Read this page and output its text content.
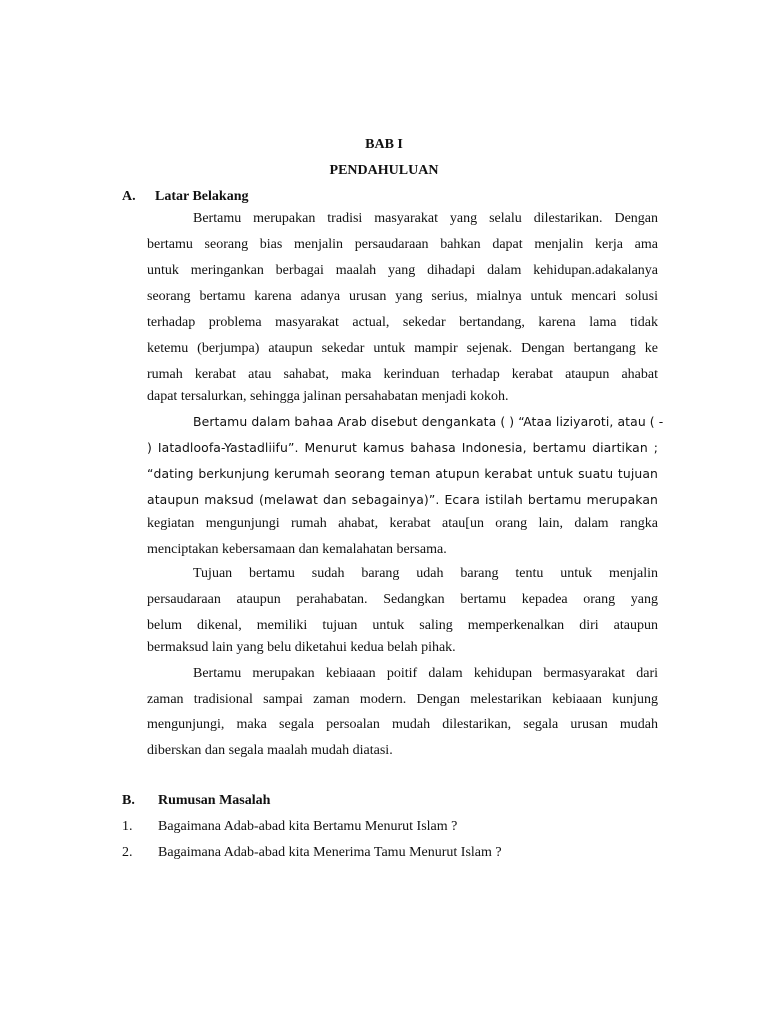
BAB I
PENDAHULUAN
A. Latar Belakang
Bertamu merupakan tradisi masyarakat yang selalu dilestarikan. Dengan
bertamu seorang bias menjalin persaudaraan bahkan dapat menjalin kerja ama
untuk meringankan berbagai maalah yang dihadapi dalam kehidupan.adakalanya
seorang bertamu karena adanya urusan yang serius, mialnya untuk mencari solusi
terhadap problema masyarakat actual, sekedar bertandang, karena lama tidak
ketemu (berjumpa) ataupun sekedar untuk mampir sejenak. Dengan bertangang ke
rumah kerabat atau sahabat, maka kerinduan terhadap kerabat ataupun ahabat
dapat tersalurkan, sehingga jalinan persahabatan menjadi kokoh.
Bertamu dalam bahaa Arab disebut dengankata ( ) “Ataa liziyaroti, atau ( -
) Iatadloofa-Yastadliifu”. Menurut kamus bahasa Indonesia, bertamu diartikan ;
“dating berkunjung kerumah seorang teman atupun kerabat untuk suatu tujuan
ataupun maksud (melawat dan sebagainya)”. Ecara istilah bertamu merupakan
kegiatan mengunjungi rumah ahabat, kerabat atau[un orang lain, dalam rangka
menciptakan kebersamaan dan kemalahatan bersama.
Tujuan bertamu sudah barang udah barang tentu untuk menjalin
persaudaraan ataupun perahabatan. Sedangkan bertamu kepadea orang yang
belum dikenal, memiliki tujuan untuk saling memperkenalkan diri ataupun
bermaksud lain yang belu diketahui kedua belah pihak.
Bertamu merupakan kebiaaan poitif dalam kehidupan bermasyarakat dari
zaman tradisional sampai zaman modern. Dengan melestarikan kebiaaan kunjung
mengunjungi, maka segala persoalan mudah dilestarikan, segala urusan mudah
diberskan dan segala maalah mudah diatasi.
B. Rumusan Masalah
1. Bagaimana Adab-abad kita Bertamu Menurut Islam ?
2. Bagaimana Adab-abad kita Menerima Tamu Menurut Islam ?
